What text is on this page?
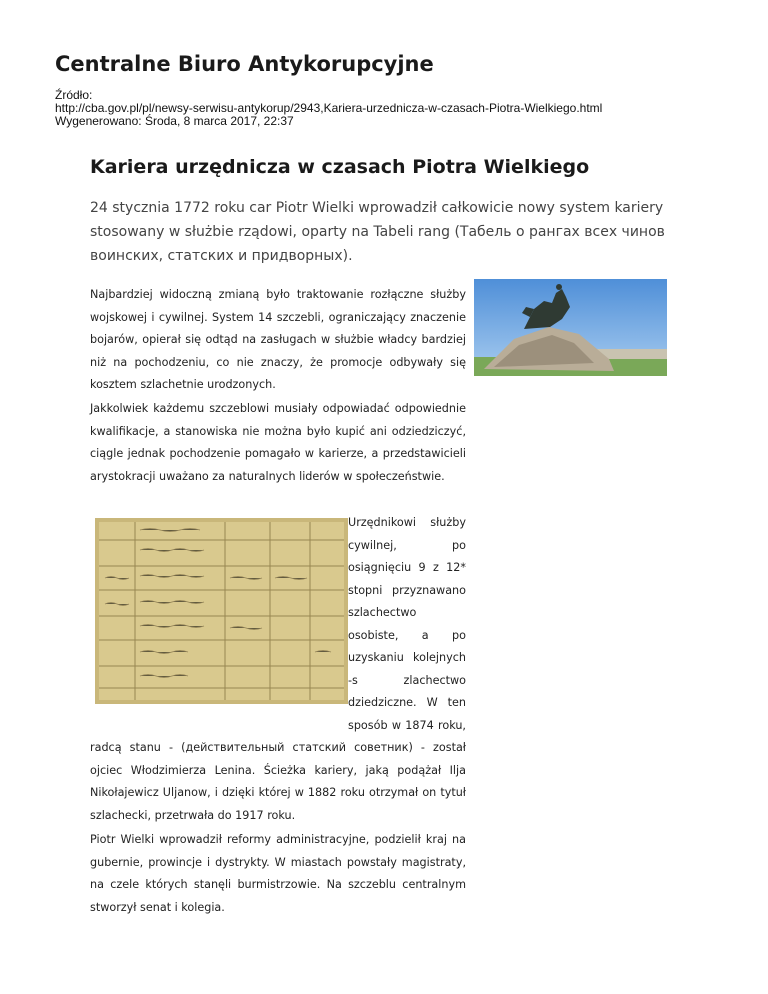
Centralne Biuro Antykorupcyjne
Źródło:
http://cba.gov.pl/pl/newsy-serwisu-antykorup/2943,Kariera-urzednicza-w-czasach-Piotra-Wielkiego.html
Wygenerowano: Środa, 8 marca 2017, 22:37
Kariera urzędnicza w czasach Piotra Wielkiego

24 stycznia 1772 roku car Piotr Wielki wprowadził całkowicie nowy system kariery stosowany w służbie rządowi, oparty na Tabeli rang (Табель о рангах всех чинов воинских, статских и придворных).

Najbardziej widoczną zmianą było traktowanie rozłączne służby wojskowej i cywilnej. System 14 szczebli, ograniczający znaczenie bojarów, opierał się odtąd na zasługach w służbie władcy bardziej niż na pochodzeniu, co nie znaczy, że promocje odbywały się kosztem szlachetnie urodzonych.

Jakkolwiek każdemu szczeblowi musiały odpowiadać odpowiednie kwalifikacje, a stanowiska nie można było kupić ani odziedziczyć, ciągle jednak pochodzenie pomagało w karierze, a przedstawicieli arystokracji uważano za naturalnych liderów w społeczeństwie.

Urzędnikowi służby cywilnej, po osiągnięciu 9 z 12* stopni przyznawano szlachectwo osobiste, a po uzyskaniu kolejnych -s zlachectwo dziedziczne. W ten sposób w 1874 roku, radcą stanu - (действительный статский советник) - został ojciec Włodzimierza Lenina. Ścieżka kariery, jaką podążał Ilja Nikołajewicz Uljanow, i dzięki której w 1882 roku otrzymał on tytuł szlachecki, przetrwała do 1917 roku.

Piotr Wielki wprowadził reformy administracyjne, podzielił kraj na gubernie, prowincje i dystrykty. W miastach powstały magistraty, na czele których stanęli burmistrzowie. Na szczeblu centralnym stworzył senat i kolegia.
